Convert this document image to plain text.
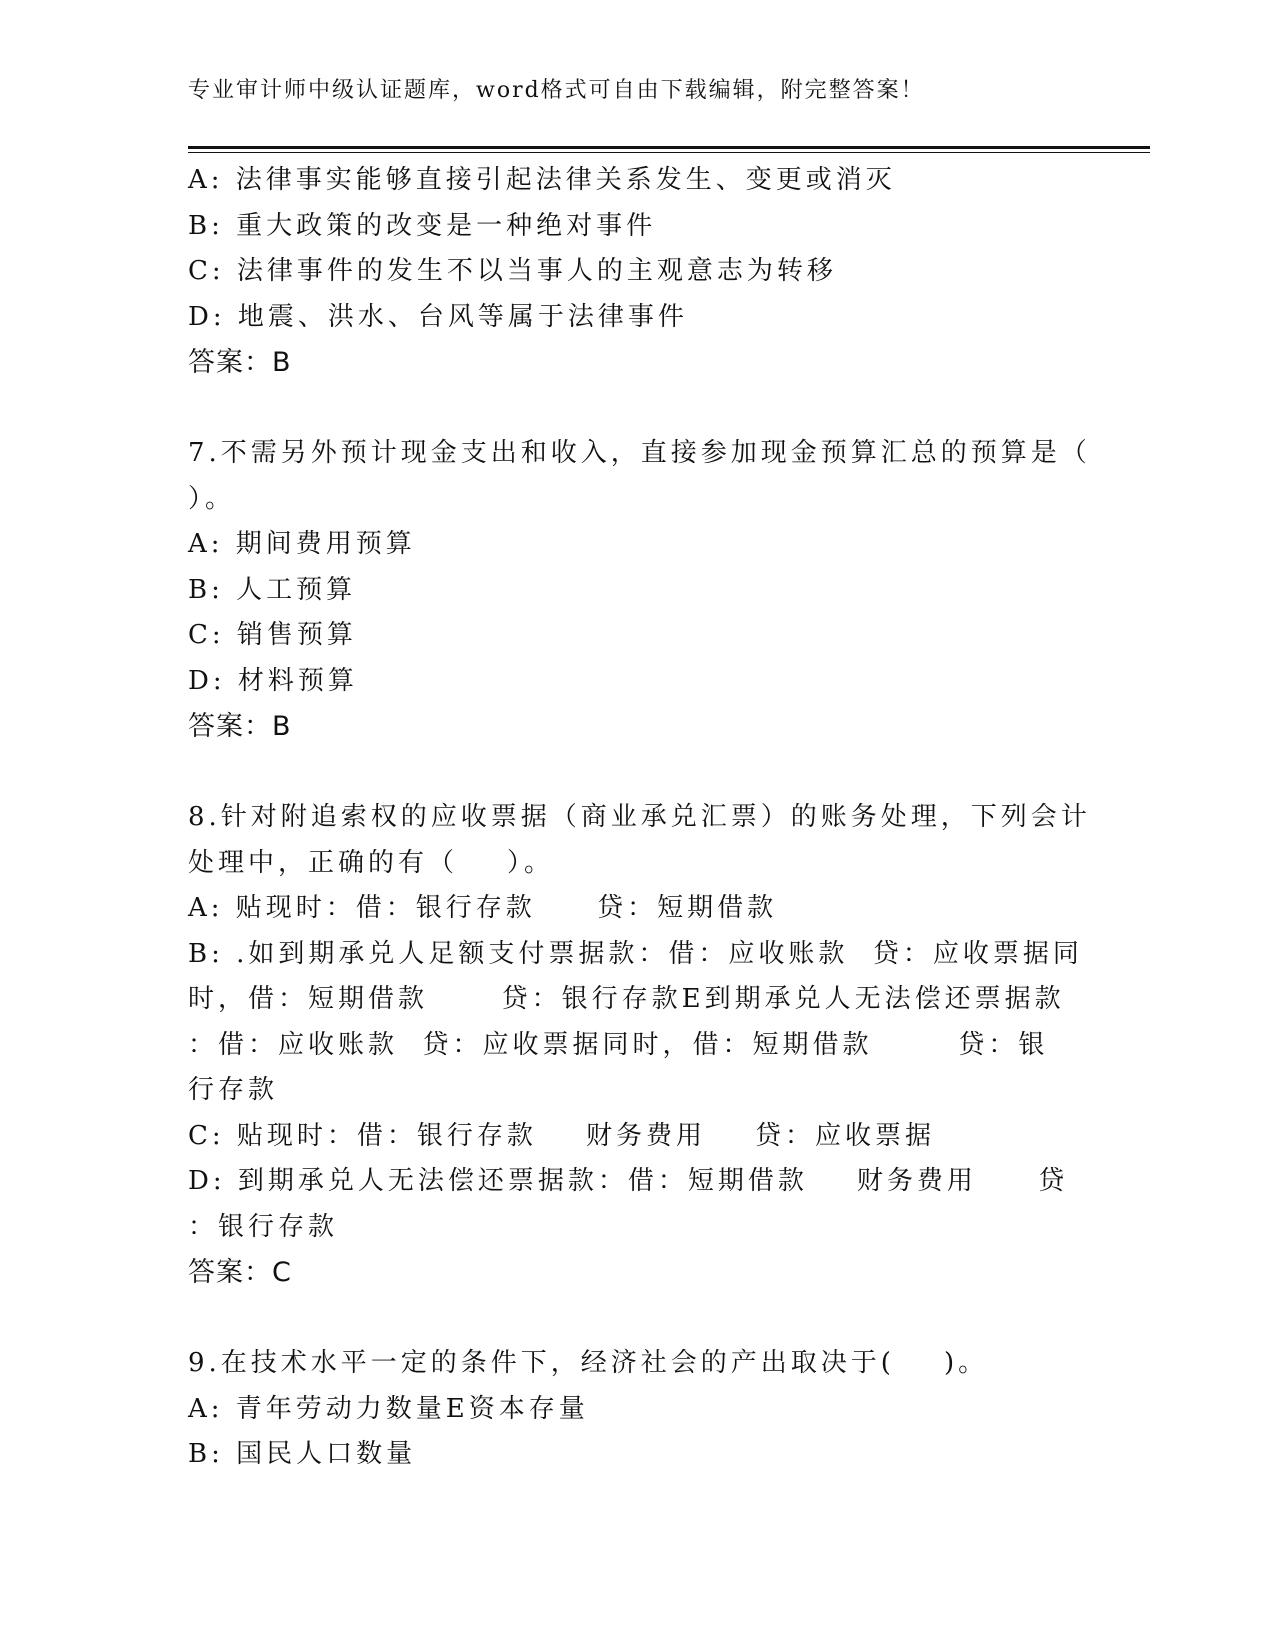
专业审计师中级认证题库，word格式可自由下载编辑，附完整答案！
A: 法律事实能够直接引起法律关系发生、变更或消灭
B: 重大政策的改变是一种绝对事件
C: 法律事件的发生不以当事人的主观意志为转移
D: 地震、洪水、台风等属于法律事件
答案：B
7.不需另外预计现金支出和收入，直接参加现金预算汇总的预算是（
）。
A: 期间费用预算
B: 人工预算
C: 销售预算
D: 材料预算
答案：B
8.针对附追索权的应收票据（商业承兑汇票）的账务处理，下列会计
处理中，正确的有（    ）。
A: 贴现时：借：银行存款     贷：短期借款
B: .如到期承兑人足额支付票据款：借：应收账款  贷：应收票据同
时，借：短期借款      贷：银行存款E到期承兑人无法偿还票据款
：借：应收账款  贷：应收票据同时，借：短期借款       贷：银
行存款
C: 贴现时：借：银行存款    财务费用    贷：应收票据
D: 到期承兑人无法偿还票据款：借：短期借款    财务费用     贷
：银行存款
答案：C
9.在技术水平一定的条件下，经济社会的产出取决于(    )。
A: 青年劳动力数量E资本存量
B: 国民人口数量
